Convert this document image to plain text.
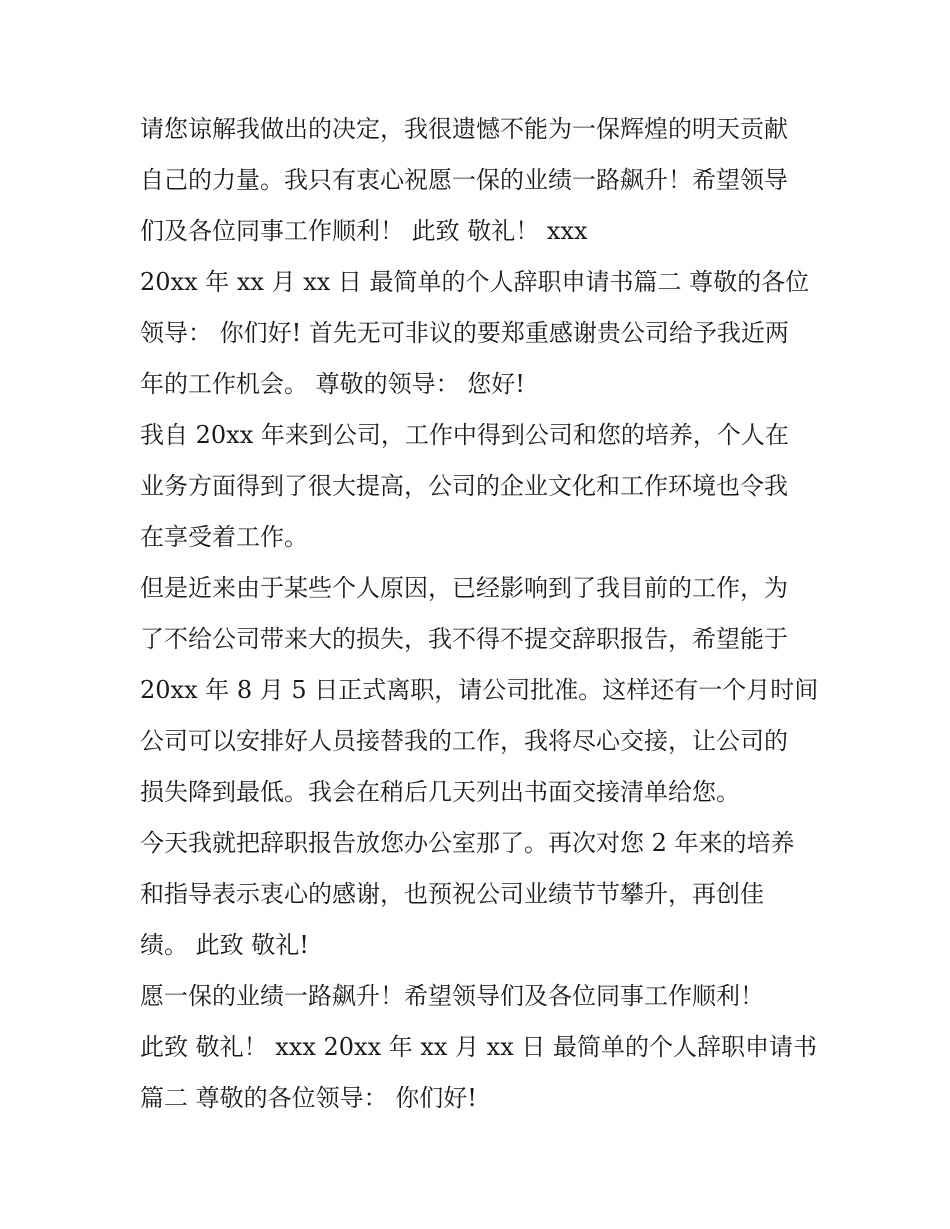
请您谅解我做出的决定，我很遗憾不能为一保辉煌的明天贡献
自己的力量。我只有衷心祝愿一保的业绩一路飙升！希望领导
们及各位同事工作顺利！ 此致 敬礼！ xxx
20xx 年 xx 月 xx 日 最简单的个人辞职申请书篇二 尊敬的各位
领导： 你们好! 首先无可非议的要郑重感谢贵公司给予我近两
年的工作机会。 尊敬的领导： 您好!
我自 20xx 年来到公司，工作中得到公司和您的培养，个人在
业务方面得到了很大提高，公司的企业文化和工作环境也令我
在享受着工作。
但是近来由于某些个人原因，已经影响到了我目前的工作，为
了不给公司带来大的损失，我不得不提交辞职报告，希望能于
20xx 年 8 月 5 日正式离职，请公司批准。这样还有一个月时间
公司可以安排好人员接替我的工作，我将尽心交接，让公司的
损失降到最低。我会在稍后几天列出书面交接清单给您。
今天我就把辞职报告放您办公室那了。再次对您 2 年来的培养
和指导表示衷心的感谢，也预祝公司业绩节节攀升，再创佳
绩。 此致 敬礼!
愿一保的业绩一路飙升！希望领导们及各位同事工作顺利！
此致 敬礼！ xxx 20xx 年 xx 月 xx 日 最简单的个人辞职申请书
篇二 尊敬的各位领导： 你们好!
